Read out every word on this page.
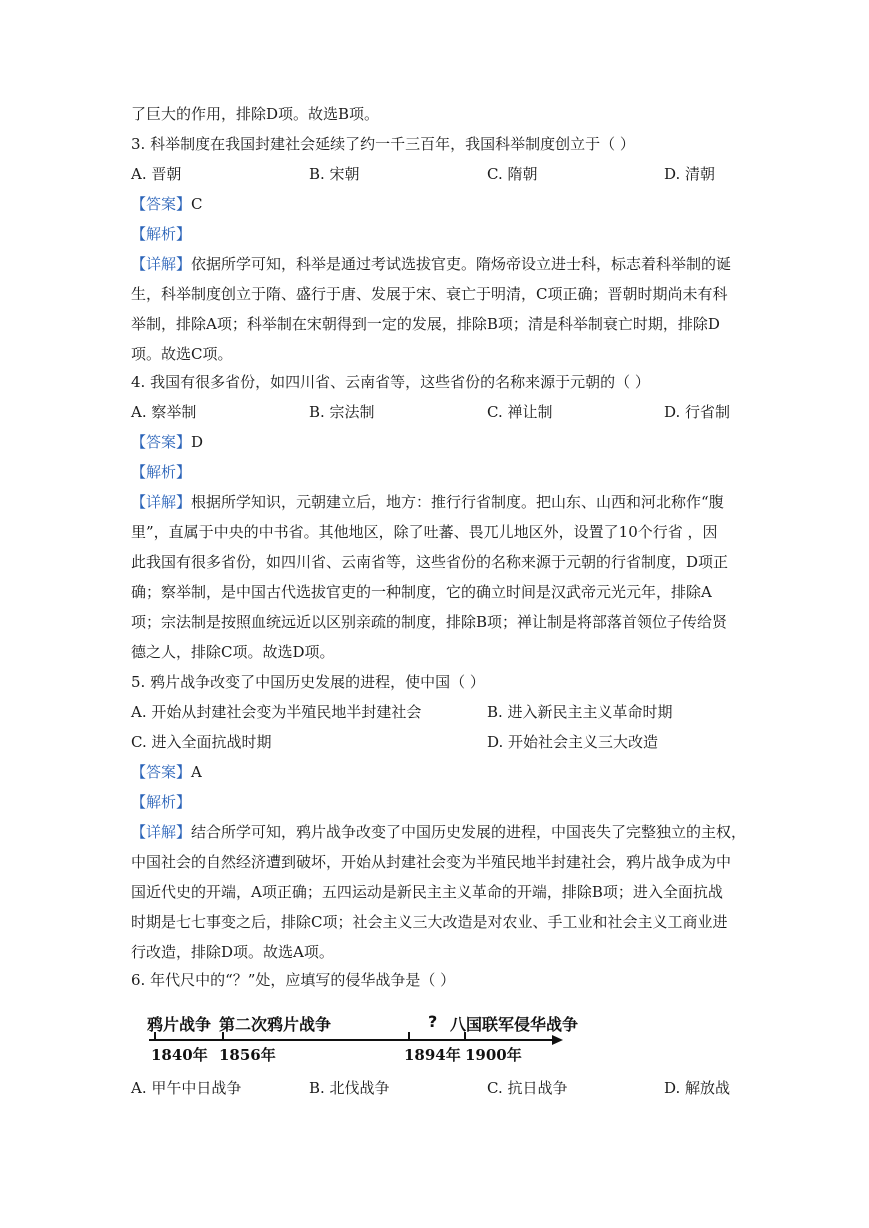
了巨大的作用，排除D项。故选B项。
3. 科举制度在我国封建社会延续了约一千三百年，我国科举制度创立于（ ）
A. 晋朝	B. 宋朝	C. 隋朝	D. 清朝
【答案】C
【解析】
【详解】依据所学可知，科举是通过考试选拔官吏。隋炀帝设立进士科，标志着科举制的诞
生，科举制度创立于隋、盛行于唐、发展于宋、衰亡于明清，C项正确；晋朝时期尚未有科
举制，排除A项；科举制在宋朝得到一定的发展，排除B项；清是科举制衰亡时期，排除D
项。故选C项。
4. 我国有很多省份，如四川省、云南省等，这些省份的名称来源于元朝的（ ）
A. 察举制	B. 宗法制	C. 禅让制	D. 行省制
【答案】D
【解析】
【详解】根据所学知识，元朝建立后，地方：推行行省制度。把山东、山西和河北称作“腹
里”，直属于中央的中书省。其他地区，除了吐蕃、畏兀儿地区外，设置了10个行省 ，因
此我国有很多省份，如四川省、云南省等，这些省份的名称来源于元朝的行省制度，D项正
确；察举制，是中国古代选拔官吏的一种制度，它的确立时间是汉武帝元光元年，排除A
项；宗法制是按照血统远近以区别亲疏的制度，排除B项；禅让制是将部落首领位子传给贤
德之人，排除C项。故选D项。
5. 鸦片战争改变了中国历史发展的进程，使中国（ ）
A. 开始从封建社会变为半殖民地半封建社会	B. 进入新民主主义革命时期
C. 进入全面抗战时期	D. 开始社会主义三大改造
【答案】A
【解析】
【详解】结合所学可知，鸦片战争改变了中国历史发展的进程，中国丧失了完整独立的主权，
中国社会的自然经济遭到破坏，开始从封建社会变为半殖民地半封建社会，鸦片战争成为中
国近代史的开端，A项正确；五四运动是新民主主义革命的开端，排除B项；进入全面抗战
时期是七七事变之后，排除C项；社会主义三大改造是对农业、手工业和社会主义工商业进
行改造，排除D项。故选A项。
6. 年代尺中的“？”处，应填写的侵华战争是（ ）
鸦片战争 第二次鸦片战争	? 八国联军侵华战争
1840年 1856年	1894年 1900年
A. 甲午中日战争	B. 北伐战争	C. 抗日战争	D. 解放战
